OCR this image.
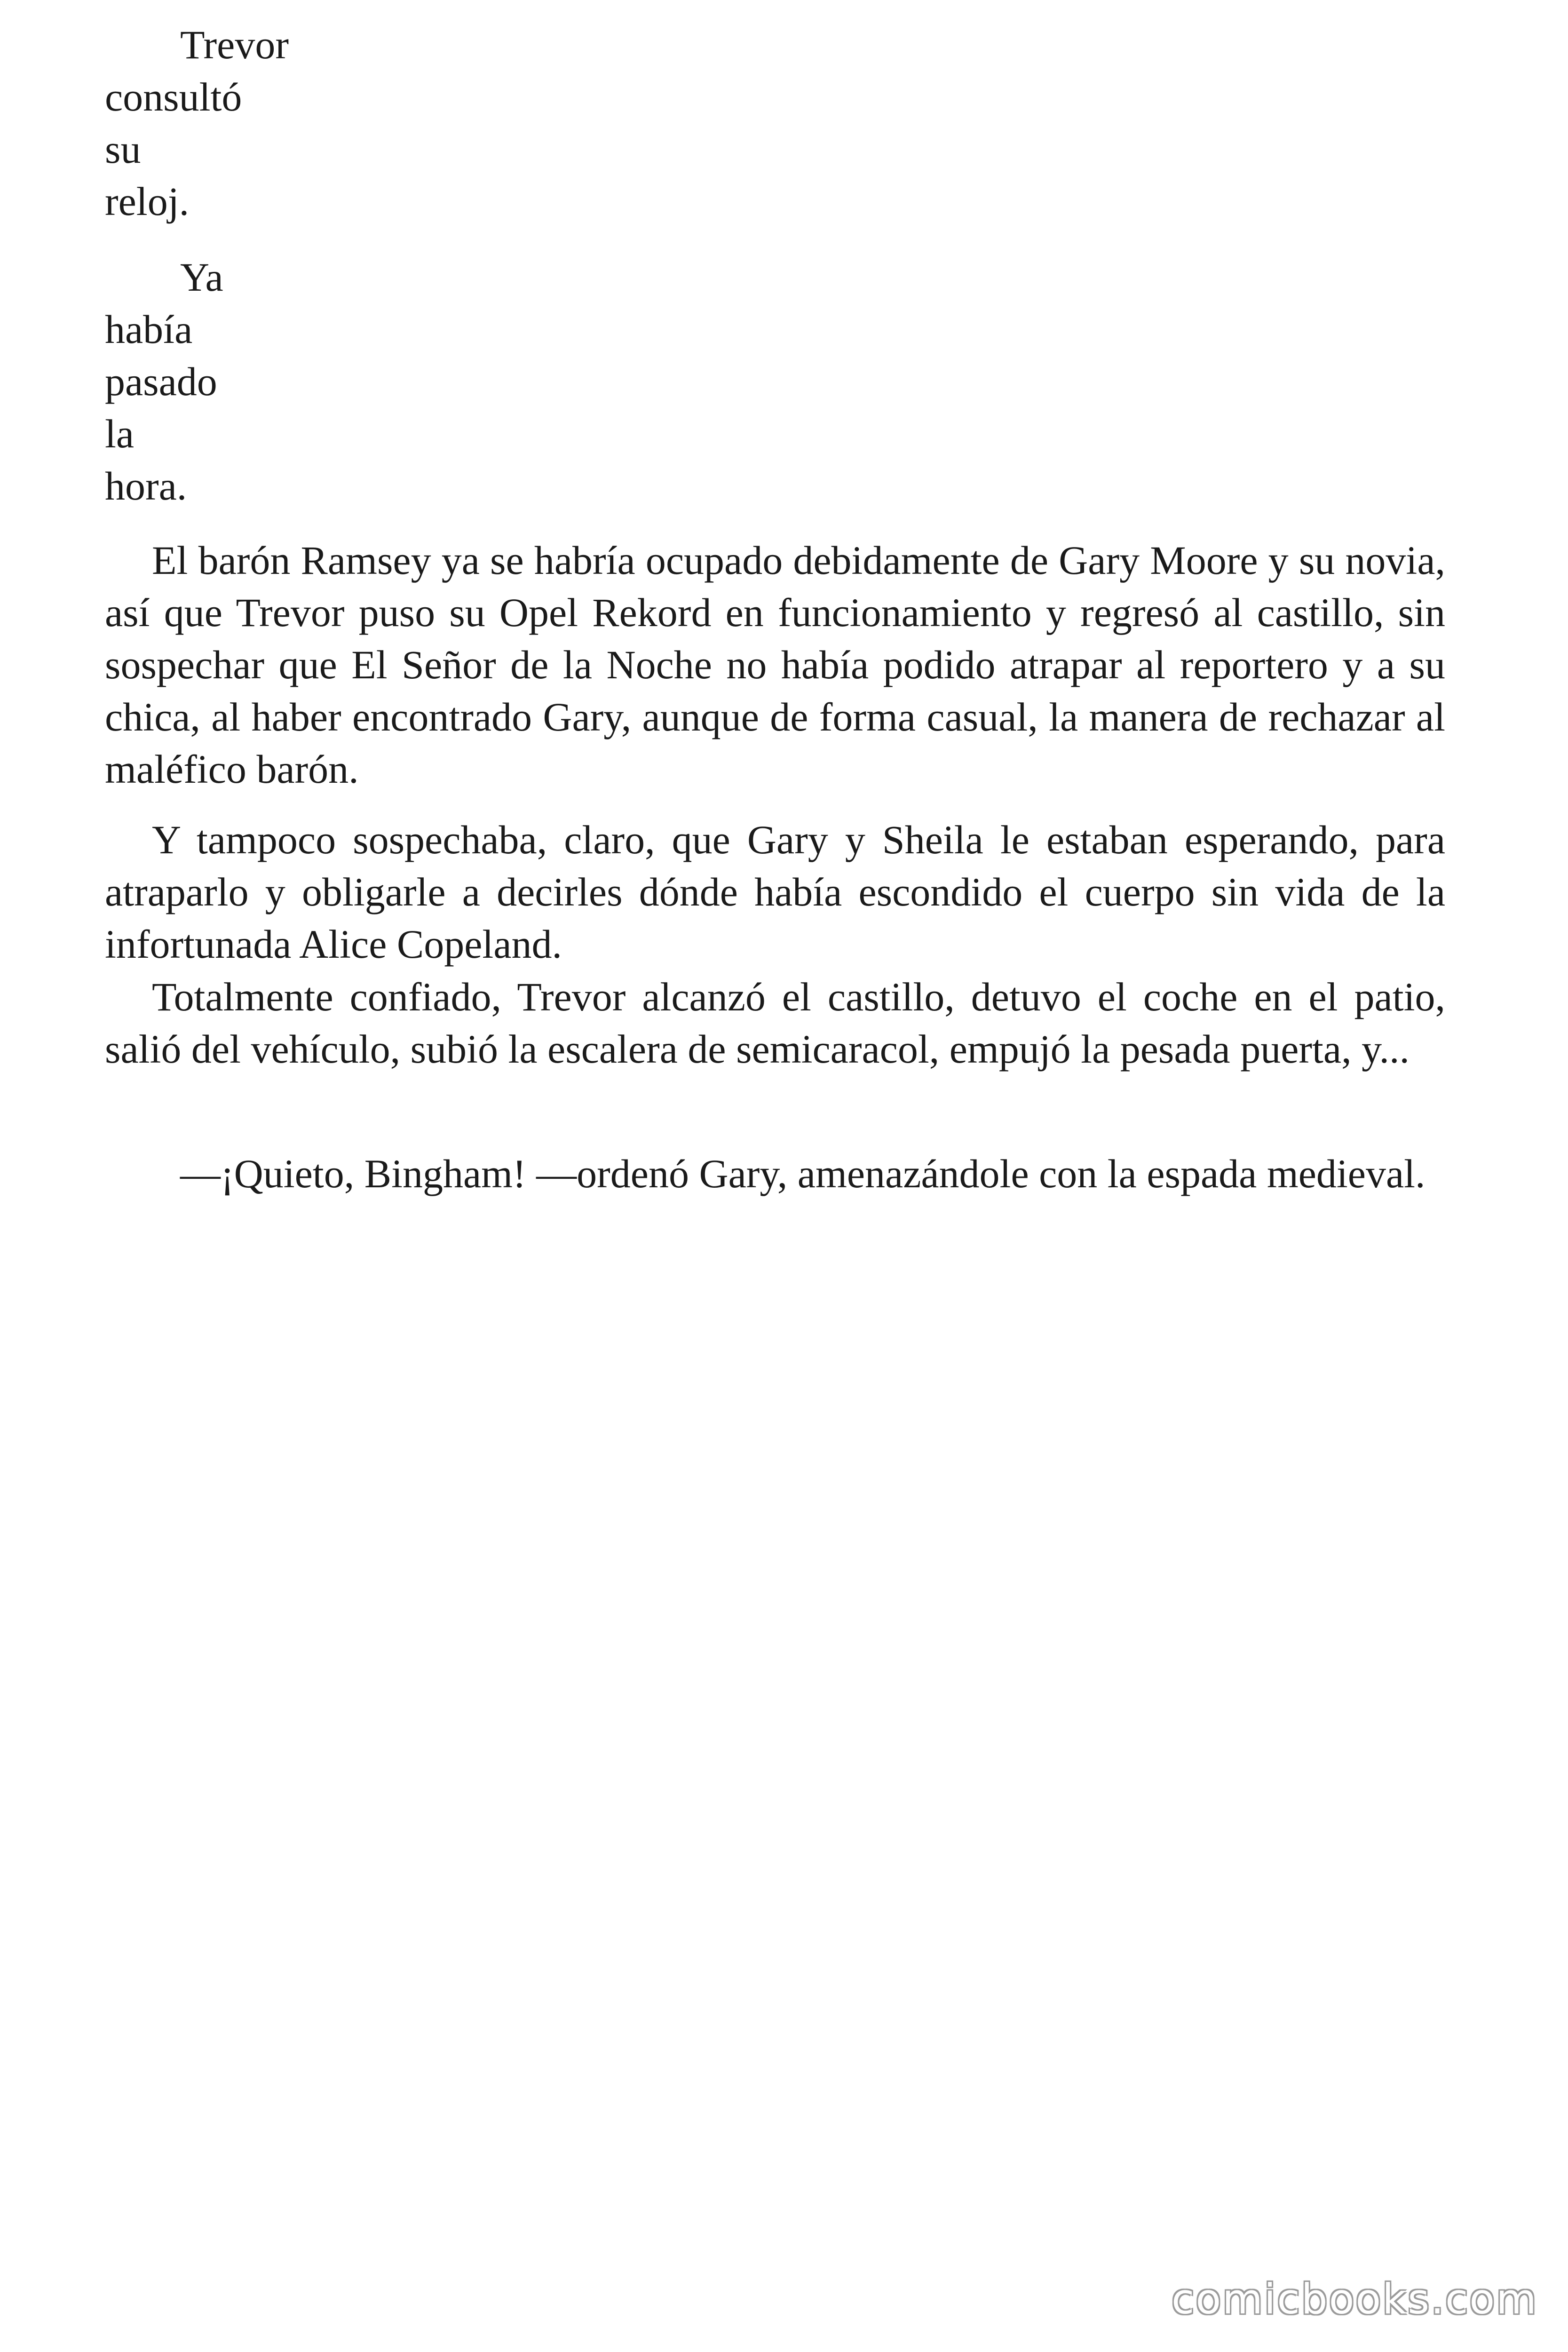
Trevor consultó su reloj.

Ya había pasado la hora.

El barón Ramsey ya se habría ocupado debidamente de Gary Moore y su novia, así que Trevor puso su Opel Rekord en funcionamiento y regresó al castillo, sin sospechar que El Señor de la Noche no había podido atrapar al reportero y a su chica, al haber encontrado Gary, aunque de forma casual, la manera de rechazar al maléfico barón.

Y tampoco sospechaba, claro, que Gary y Sheila le estaban esperando, para atraparlo y obligarle a decirles dónde había escondido el cuerpo sin vida de la infortunada Alice Copeland.

Totalmente confiado, Trevor alcanzó el castillo, detuvo el coche en el patio, salió del vehículo, subió la escalera de semicaracol, empujó la pesada puerta, y...

—¡Quieto, Bingham! —ordenó Gary, amenazándole con la espada medieval.

comicbooks.com
